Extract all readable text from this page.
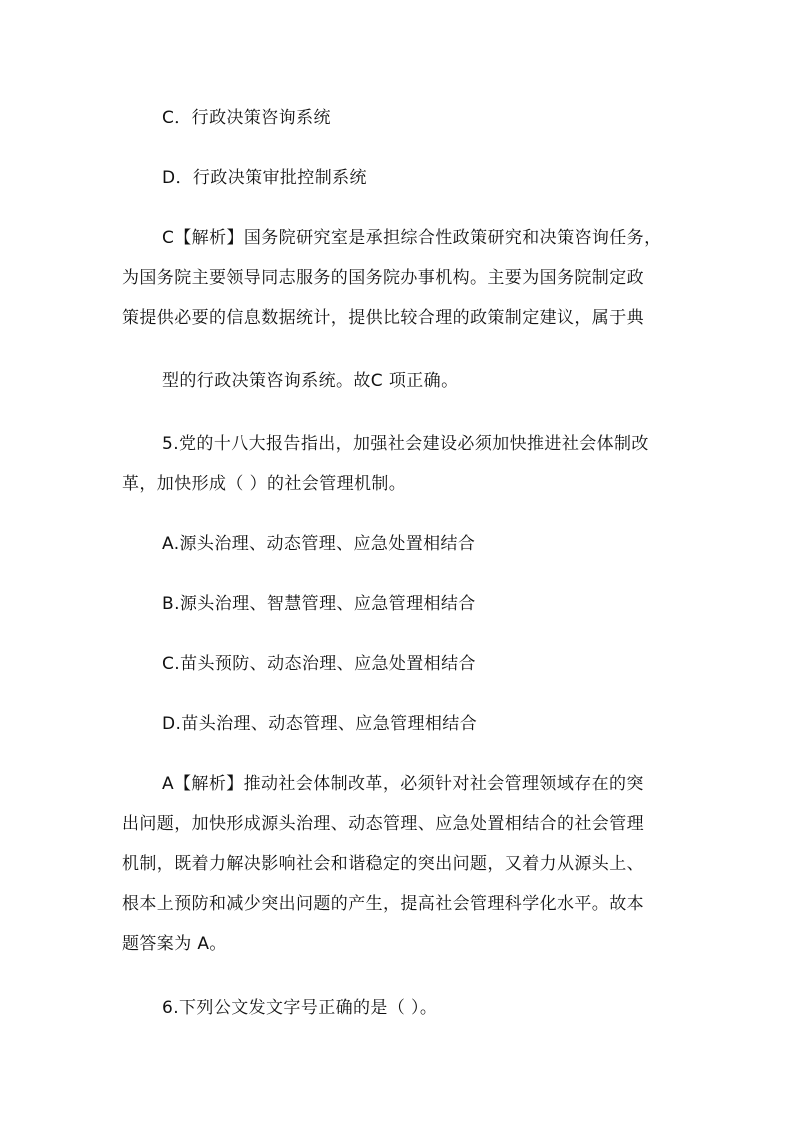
C．行政决策咨询系统
D．行政决策审批控制系统
C【解析】国务院研究室是承担综合性政策研究和决策咨询任务，
为国务院主要领导同志服务的国务院办事机构。主要为国务院制定政
策提供必要的信息数据统计，提供比较合理的政策制定建议，属于典
型的行政决策咨询系统。故C 项正确。
5.党的十八大报告指出，加强社会建设必须加快推进社会体制改
革，加快形成（ ）的社会管理机制。
A.源头治理、动态管理、应急处置相结合
B.源头治理、智慧管理、应急管理相结合
C.苗头预防、动态治理、应急处置相结合
D.苗头治理、动态管理、应急管理相结合
A【解析】推动社会体制改革，必须针对社会管理领域存在的突
出问题，加快形成源头治理、动态管理、应急处置相结合的社会管理
机制，既着力解决影响社会和谐稳定的突出问题，又着力从源头上、
根本上预防和减少突出问题的产生，提高社会管理科学化水平。故本
题答案为 A。
6.下列公文发文字号正确的是（ ）。
